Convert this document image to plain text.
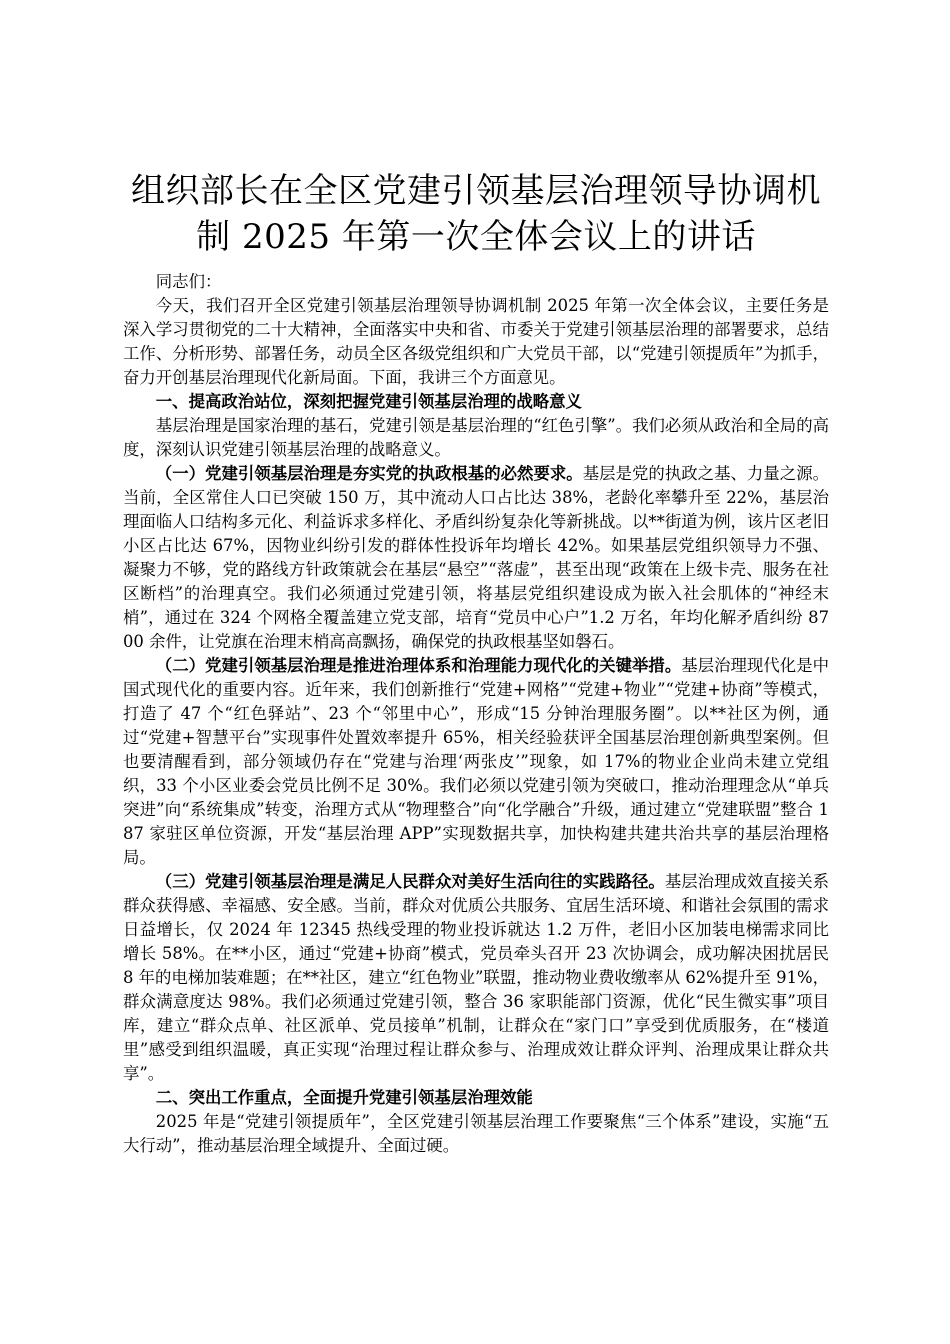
组织部长在全区党建引领基层治理领导协调机
制 2025 年第一次全体会议上的讲话

同志们：

今天，我们召开全区党建引领基层治理领导协调机制 2025 年第一次全体会议，主要任务是深入学习贯彻党的二十大精神，全面落实中央和省、市委关于党建引领基层治理的部署要求，总结工作、分析形势、部署任务，动员全区各级党组织和广大党员干部，以“党建引领提质年”为抓手，奋力开创基层治理现代化新局面。下面，我讲三个方面意见。

一、提高政治站位，深刻把握党建引领基层治理的战略意义

基层治理是国家治理的基石，党建引领是基层治理的“红色引擎”。我们必须从政治和全局的高度，深刻认识党建引领基层治理的战略意义。

（一）党建引领基层治理是夯实党的执政根基的必然要求。基层是党的执政之基、力量之源。当前，全区常住人口已突破 150 万，其中流动人口占比达 38%，老龄化率攀升至 22%，基层治理面临人口结构多元化、利益诉求多样化、矛盾纠纷复杂化等新挑战。以**街道为例，该片区老旧小区占比达 67%，因物业纠纷引发的群体性投诉年均增长 42%。如果基层党组织领导力不强、凝聚力不够，党的路线方针政策就会在基层“悬空”“落虚”，甚至出现“政策在上级卡壳、服务在社区断档”的治理真空。我们必须通过党建引领，将基层党组织建设成为嵌入社会肌体的“神经末梢”，通过在 324 个网格全覆盖建立党支部，培育“党员中心户”1.2 万名，年均化解矛盾纠纷 8700 余件，让党旗在治理末梢高高飘扬，确保党的执政根基坚如磐石。

（二）党建引领基层治理是推进治理体系和治理能力现代化的关键举措。基层治理现代化是中国式现代化的重要内容。近年来，我们创新推行“党建+网格”“党建+物业”“党建+协商”等模式，打造了 47 个“红色驿站”、23 个“邻里中心”，形成“15 分钟治理服务圈”。以**社区为例，通过“党建+智慧平台”实现事件处置效率提升 65%，相关经验获评全国基层治理创新典型案例。但也要清醒看到，部分领域仍存在“党建与治理‘两张皮’”现象，如 17%的物业企业尚未建立党组织，33 个小区业委会党员比例不足 30%。我们必须以党建引领为突破口，推动治理理念从“单兵突进”向“系统集成”转变，治理方式从“物理整合”向“化学融合”升级，通过建立“党建联盟”整合 187 家驻区单位资源，开发“基层治理 APP”实现数据共享，加快构建共建共治共享的基层治理格局。

（三）党建引领基层治理是满足人民群众对美好生活向往的实践路径。基层治理成效直接关系群众获得感、幸福感、安全感。当前，群众对优质公共服务、宜居生活环境、和谐社会氛围的需求日益增长，仅 2024 年 12345 热线受理的物业投诉就达 1.2 万件，老旧小区加装电梯需求同比增长 58%。在**小区，通过“党建+协商”模式，党员牵头召开 23 次协调会，成功解决困扰居民 8 年的电梯加装难题；在**社区，建立“红色物业”联盟，推动物业费收缴率从 62%提升至 91%，群众满意度达 98%。我们必须通过党建引领，整合 36 家职能部门资源，优化“民生微实事”项目库，建立“群众点单、社区派单、党员接单”机制，让群众在“家门口”享受到优质服务，在“楼道里”感受到组织温暖，真正实现“治理过程让群众参与、治理成效让群众评判、治理成果让群众共享”。

二、突出工作重点，全面提升党建引领基层治理效能

2025 年是“党建引领提质年”，全区党建引领基层治理工作要聚焦“三个体系”建设，实施“五大行动”，推动基层治理全域提升、全面过硬。
